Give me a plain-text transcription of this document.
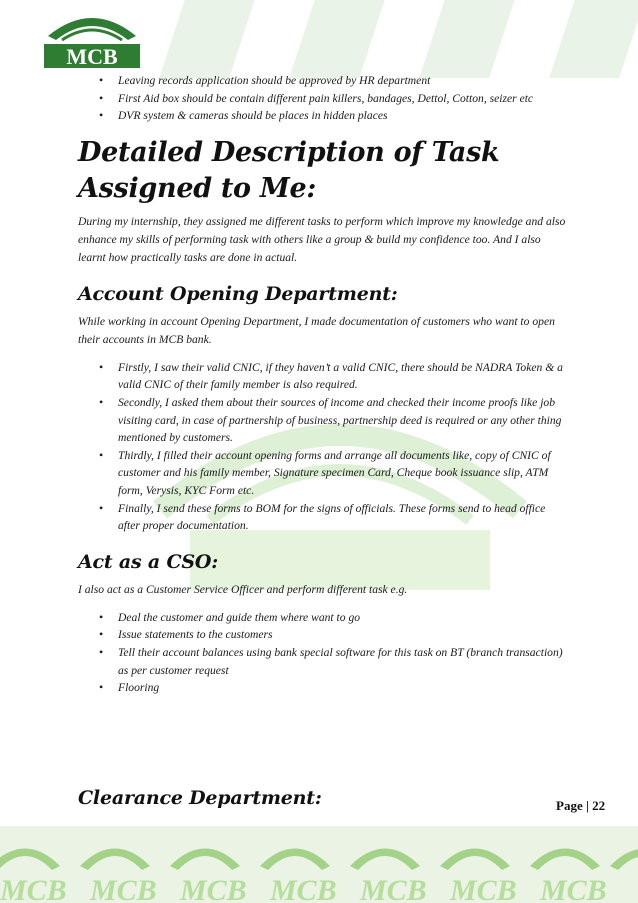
MCB
• Leaving records application should be approved by HR department
• First Aid box should be contain different pain killers, bandages, Dettol, Cotton, seizer etc
• DVR system & cameras should be places in hidden places
Detailed Description of Task Assigned to Me:

During my internship, they assigned me different tasks to perform which improve my knowledge and also enhance my skills of performing task with others like a group & build my confidence too. And I also learnt how practically tasks are done in actual.

Account Opening Department:

While working in account Opening Department, I made documentation of customers who want to open their accounts in MCB bank.

• Firstly, I saw their valid CNIC, if they haven’t a valid CNIC, there should be NADRA Token & a valid CNIC of their family member is also required.
• Secondly, I asked them about their sources of income and checked their income proofs like job visiting card, in case of partnership of business, partnership deed is required or any other thing mentioned by customers.
• Thirdly, I filled their account opening forms and arrange all documents like, copy of CNIC of customer and his family member, Signature specimen Card, Cheque book issuance slip, ATM form, Verysis, KYC Form etc.
• Finally, I send these forms to BOM for the signs of officials. These forms send to head office after proper documentation.
Act as a CSO:

I also act as a Customer Service Officer and perform different task e.g.

• Deal the customer and guide them where want to go
• Issue statements to the customers
• Tell their account balances using bank special software for this task on BT (branch transaction) as per customer request
• Flooring
Clearance Department:	Page | 22
MCB MCB MCB MCB MCB MCB MCB
